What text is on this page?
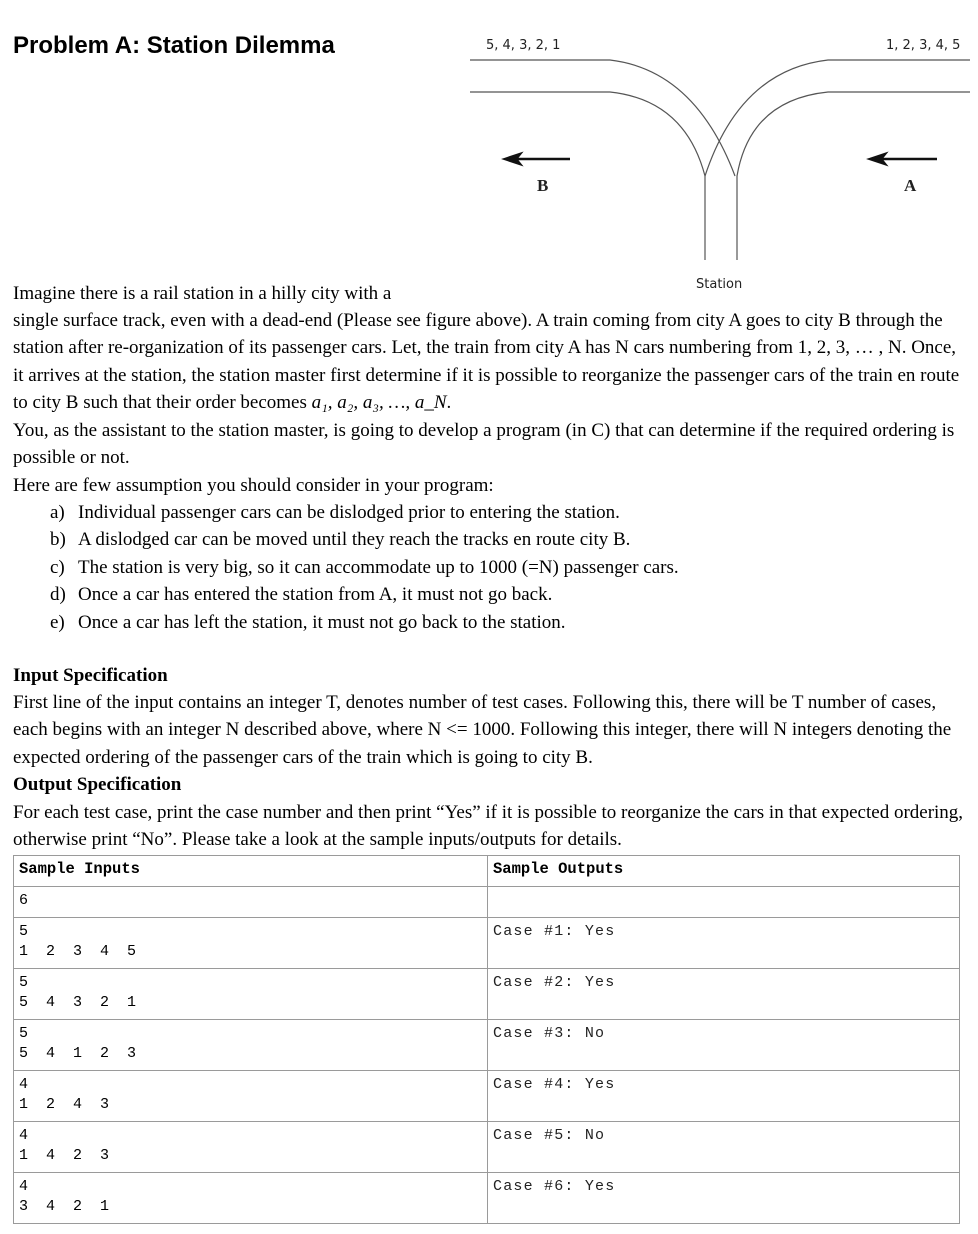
Problem A: Station Dilemma	5, 4, 3, 2, 1	1, 2, 3, 4, 5
B	A
Station

Imagine there is a rail station in a hilly city with a

single surface track, even with a dead-end (Please see figure above). A train coming from city A goes to city B through the station after re-organization of its passenger cars. Let, the train from city A has N cars numbering from 1, 2, 3, … , N. Once, it arrives at the station, the station master first determine if it is possible to reorganize the passenger cars of the train en route to city B such that their order becomes a₁, a₂, a₃, …, a_N.
You, as the assistant to the station master, is going to develop a program (in C) that can determine if the required ordering is possible or not.

Here are few assumption you should consider in your program:

a) Individual passenger cars can be dislodged prior to entering the station.
b) A dislodged car can be moved until they reach the tracks en route city B.
c) The station is very big, so it can accommodate up to 1000 (=N) passenger cars.
d) Once a car has entered the station from A, it must not go back.
e) Once a car has left the station, it must not go back to the station.

Input Specification

First line of the input contains an integer T, denotes number of test cases. Following this, there will be T number of cases, each begins with an integer N described above, where N <= 1000. Following this integer, there will N integers denoting the expected ordering of the passenger cars of the train which is going to city B.

Output Specification

For each test case, print the case number and then print “Yes” if it is possible to reorganize the cars in that expected ordering, otherwise print “No”. Please take a look at the sample inputs/outputs for details.

Sample Inputs	Sample Outputs

6	

5
1  2  3  4  5	Case #1: Yes

5
5  4  3  2  1	Case #2: Yes

5
5  4  1  2  3	Case #3: No

4
1  2  4  3	Case #4: Yes

4
1  4  2  3	Case #5: No

4
3  4  2  1	Case #6: Yes
